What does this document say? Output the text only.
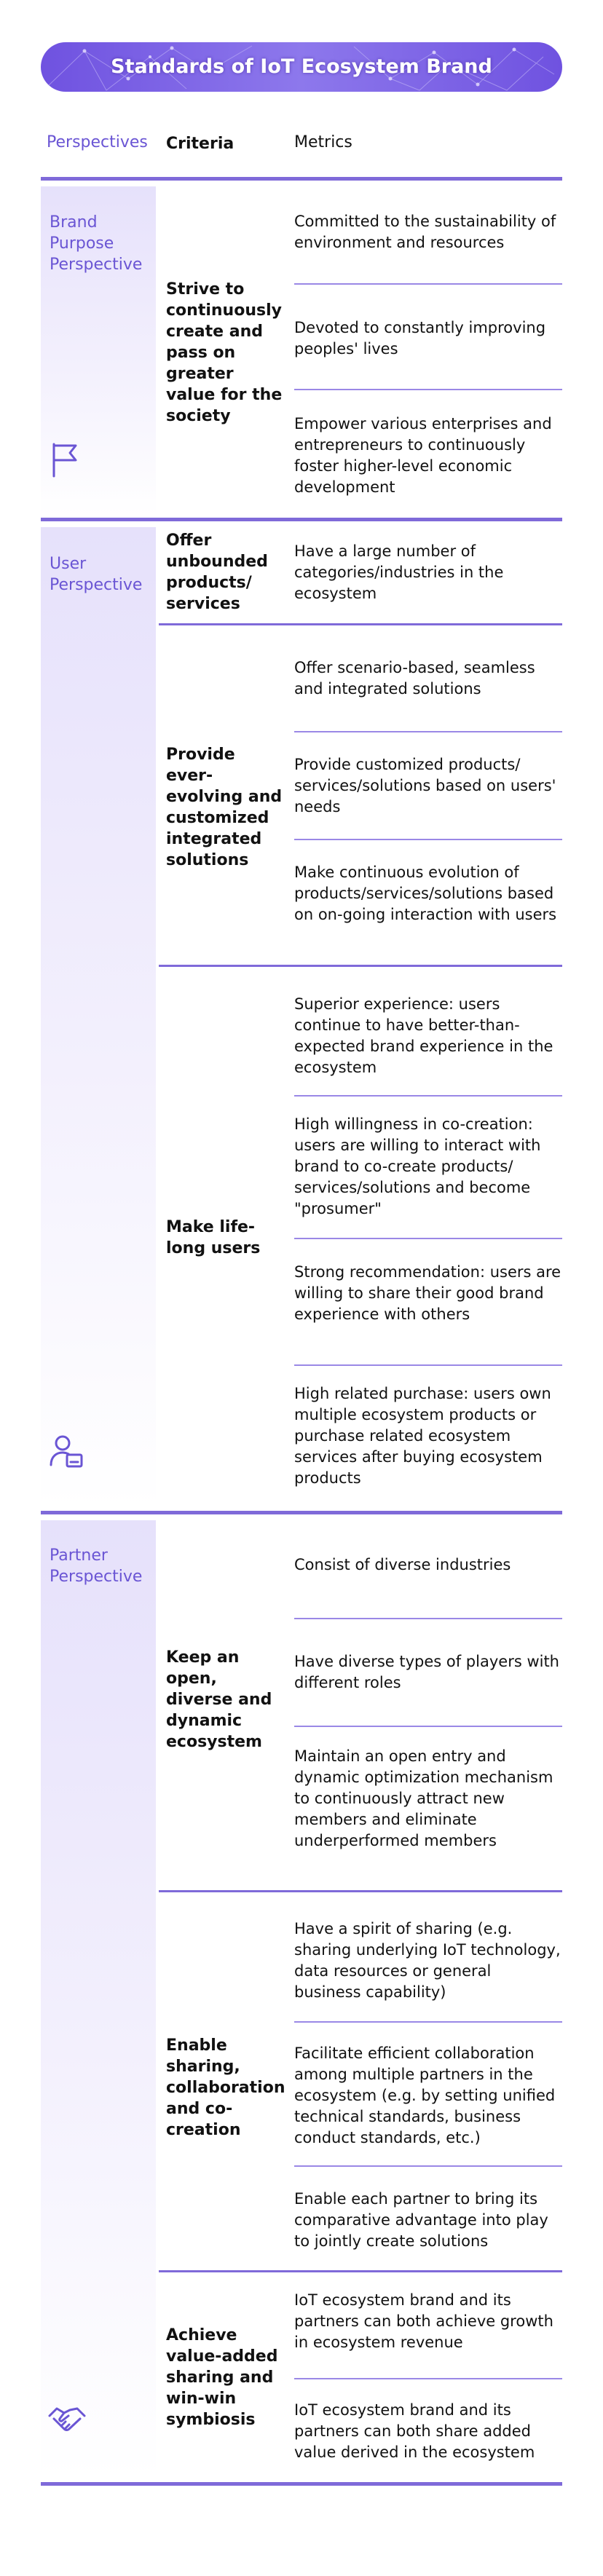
Standards of IoT Ecosystem Brand
Perspectives Criteria	Metrics
Brand Purpose Perspective
Strive to continuously create and pass on greater value for the society
Committed to the sustainability of environment and resources
Devoted to constantly improving peoples' lives
Empower various enterprises and entrepreneurs to continuously foster higher-level economic development
User Perspective
Offer unbounded products/ services
Have a large number of categories/industries in the ecosystem
Provide ever-evolving and customized integrated solutions
Offer scenario-based, seamless and integrated solutions
Provide customized products/ services/solutions based on users' needs
Make continuous evolution of products/services/solutions based on on-going interaction with users
Make life-long users
Superior experience: users continue to have better-than-expected brand experience in the ecosystem
High willingness in co-creation: users are willing to interact with brand to co-create products/ services/solutions and become "prosumer"
Strong recommendation: users are willing to share their good brand experience with others
High related purchase: users own multiple ecosystem products or purchase related ecosystem services after buying ecosystem products
Partner Perspective
Keep an open, diverse and dynamic ecosystem
Consist of diverse industries
Have diverse types of players with different roles
Maintain an open entry and dynamic optimization mechanism to continuously attract new members and eliminate underperformed members
Enable sharing, collaboration and co-creation
Have a spirit of sharing (e.g. sharing underlying IoT technology, data resources or general business capability)
Facilitate efficient collaboration among multiple partners in the ecosystem (e.g. by setting unified technical standards, business conduct standards, etc.)
Enable each partner to bring its comparative advantage into play to jointly create solutions
Achieve value-added sharing and win-win symbiosis
IoT ecosystem brand and its partners can both achieve growth in ecosystem revenue
IoT ecosystem brand and its partners can both share added value derived in the ecosystem
